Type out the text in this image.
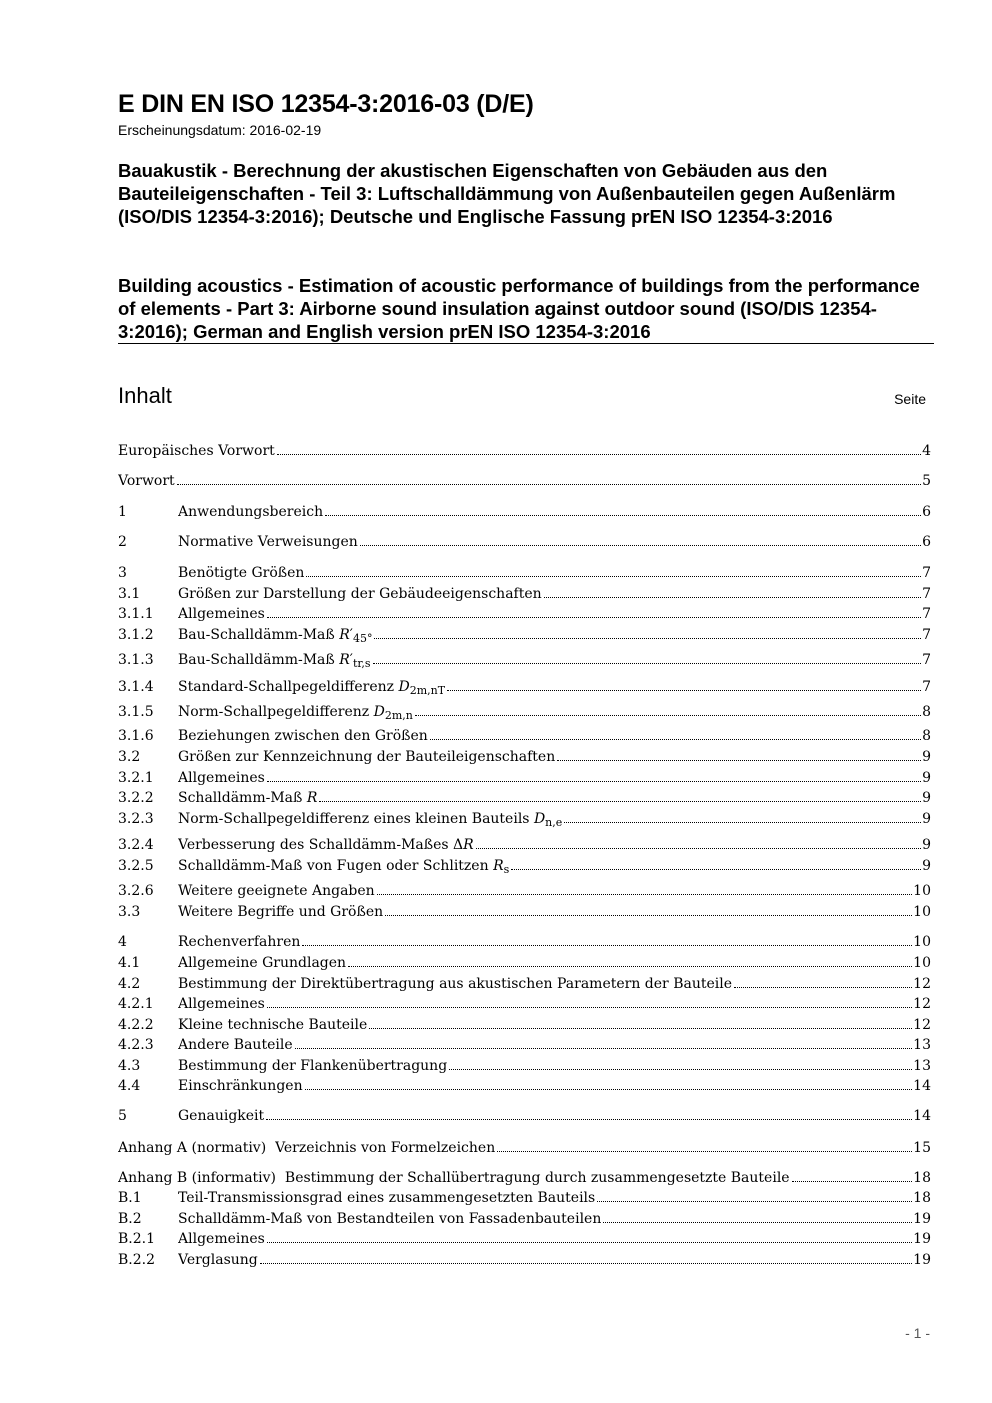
E DIN EN ISO 12354-3:2016-03 (D/E)
Erscheinungsdatum: 2016-02-19

Bauakustik - Berechnung der akustischen Eigenschaften von Gebäuden aus den Bauteileigenschaften - Teil 3: Luftschalldämmung von Außenbauteilen gegen Außenlärm (ISO/DIS 12354-3:2016); Deutsche und Englische Fassung prEN ISO 12354-3:2016

Building acoustics - Estimation of acoustic performance of buildings from the performance of elements - Part 3: Airborne sound insulation against outdoor sound (ISO/DIS 12354-3:2016); German and English version prEN ISO 12354-3:2016

Inhalt	Seite
Europäisches Vorwort	4
Vorwort	5
1	Anwendungsbereich	6
2	Normative Verweisungen	6
3	Benötigte Größen	7
3.1	Größen zur Darstellung der Gebäudeeigenschaften	7
3.1.1	Allgemeines	7
3.1.2	Bau-Schalldämm-Maß $R'_{45^\circ}$	7
3.1.3	Bau-Schalldämm-Maß $R'_{tr,s}$	7
3.1.4	Standard-Schallpegeldifferenz $D_{2m,nT}$	7
3.1.5	Norm-Schallpegeldifferenz $D_{2m,n}$	8
3.1.6	Beziehungen zwischen den Größen	8
3.2	Größen zur Kennzeichnung der Bauteileigenschaften	9
3.2.1	Allgemeines	9
3.2.2	Schalldämm-Maß R	9
3.2.3	Norm-Schallpegeldifferenz eines kleinen Bauteils $D_{n,e}$	9
3.2.4	Verbesserung des Schalldämm-Maßes ΔR	9
3.2.5	Schalldämm-Maß von Fugen oder Schlitzen $R_s$	9
3.2.6	Weitere geeignete Angaben	10
3.3	Weitere Begriffe und Größen	10
4	Rechenverfahren	10
4.1	Allgemeine Grundlagen	10
4.2	Bestimmung der Direktübertragung aus akustischen Parametern der Bauteile	12
4.2.1	Allgemeines	12
4.2.2	Kleine technische Bauteile	12
4.2.3	Andere Bauteile	13
4.3	Bestimmung der Flankenübertragung	13
4.4	Einschränkungen	14
5	Genauigkeit	14
Anhang A (normativ)  Verzeichnis von Formelzeichen	15
Anhang B (informativ)  Bestimmung der Schallübertragung durch zusammengesetzte Bauteile	18
B.1	Teil-Transmissionsgrad eines zusammengesetzten Bauteils	18
B.2	Schalldämm-Maß von Bestandteilen von Fassadenbauteilen	19
B.2.1	Allgemeines	19
B.2.2	Verglasung	19
- 1 -
